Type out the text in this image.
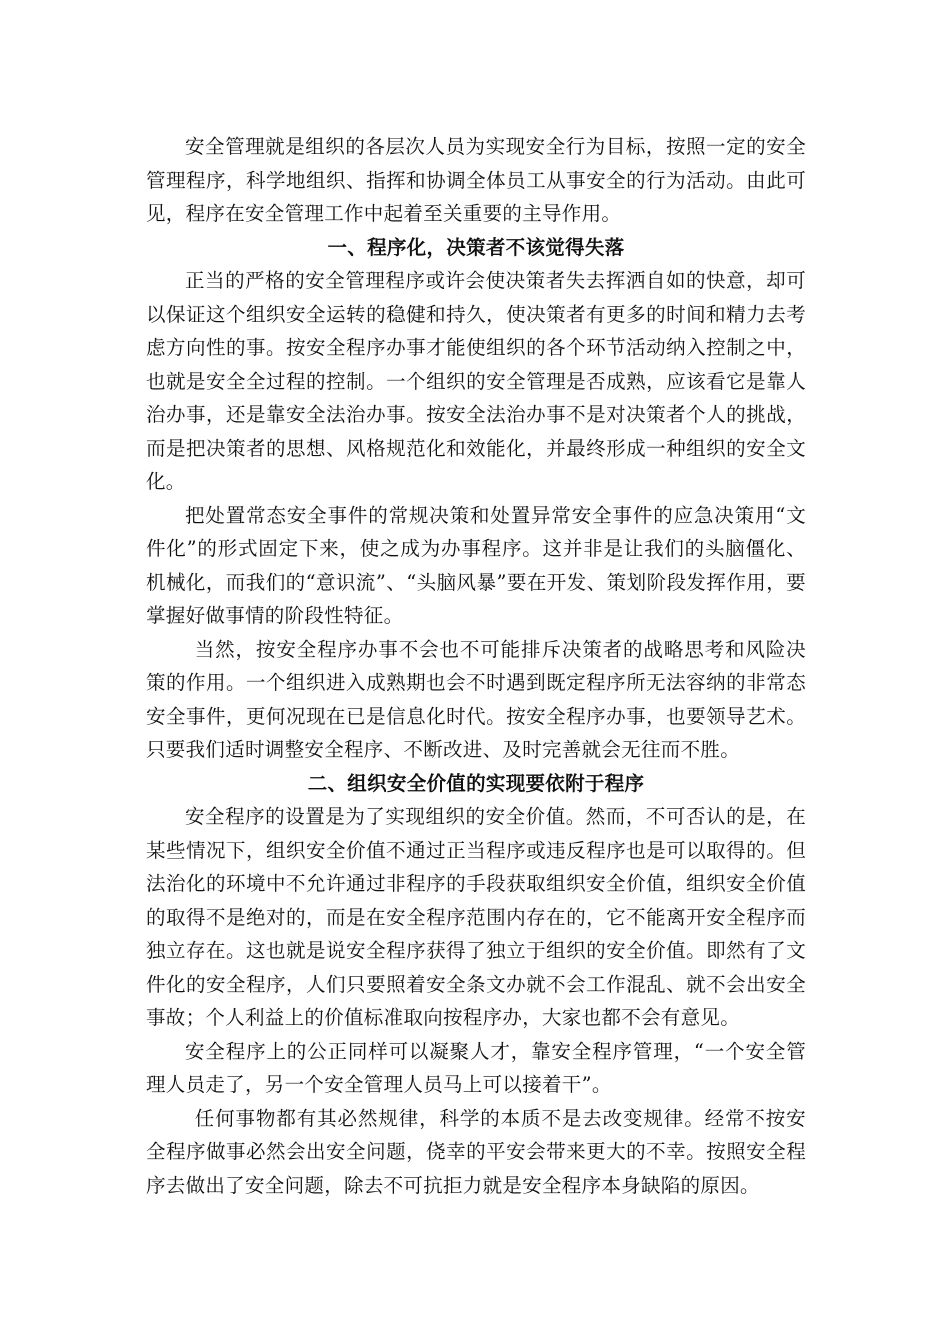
安全管理就是组织的各层次人员为实现安全行为目标，按照一定的安全管理程序，科学地组织、指挥和协调全体员工从事安全的行为活动。由此可见，程序在安全管理工作中起着至关重要的主导作用。

一、程序化，决策者不该觉得失落

正当的严格的安全管理程序或许会使决策者失去挥洒自如的快意，却可以保证这个组织安全运转的稳健和持久，使决策者有更多的时间和精力去考虑方向性的事。按安全程序办事才能使组织的各个环节活动纳入控制之中，也就是安全全过程的控制。一个组织的安全管理是否成熟，应该看它是靠人治办事，还是靠安全法治办事。按安全法治办事不是对决策者个人的挑战，而是把决策者的思想、风格规范化和效能化，并最终形成一种组织的安全文化。

把处置常态安全事件的常规决策和处置异常安全事件的应急决策用“文件化”的形式固定下来，使之成为办事程序。这并非是让我们的头脑僵化、机械化，而我们的“意识流”、“头脑风暴”要在开发、策划阶段发挥作用，要掌握好做事情的阶段性特征。

当然，按安全程序办事不会也不可能排斥决策者的战略思考和风险决策的作用。一个组织进入成熟期也会不时遇到既定程序所无法容纳的非常态安全事件，更何况现在已是信息化时代。按安全程序办事，也要领导艺术。只要我们适时调整安全程序、不断改进、及时完善就会无往而不胜。

二、组织安全价值的实现要依附于程序

安全程序的设置是为了实现组织的安全价值。然而，不可否认的是，在某些情况下，组织安全价值不通过正当程序或违反程序也是可以取得的。但法治化的环境中不允许通过非程序的手段获取组织安全价值，组织安全价值的取得不是绝对的，而是在安全程序范围内存在的，它不能离开安全程序而独立存在。这也就是说安全程序获得了独立于组织的安全价值。即然有了文件化的安全程序，人们只要照着安全条文办就不会工作混乱、就不会出安全事故；个人利益上的价值标准取向按程序办，大家也都不会有意见。

安全程序上的公正同样可以凝聚人才，靠安全程序管理，“一个安全管理人员走了，另一个安全管理人员马上可以接着干”。

任何事物都有其必然规律，科学的本质不是去改变规律。经常不按安全程序做事必然会出安全问题，侥幸的平安会带来更大的不幸。按照安全程序去做出了安全问题，除去不可抗拒力就是安全程序本身缺陷的原因。
